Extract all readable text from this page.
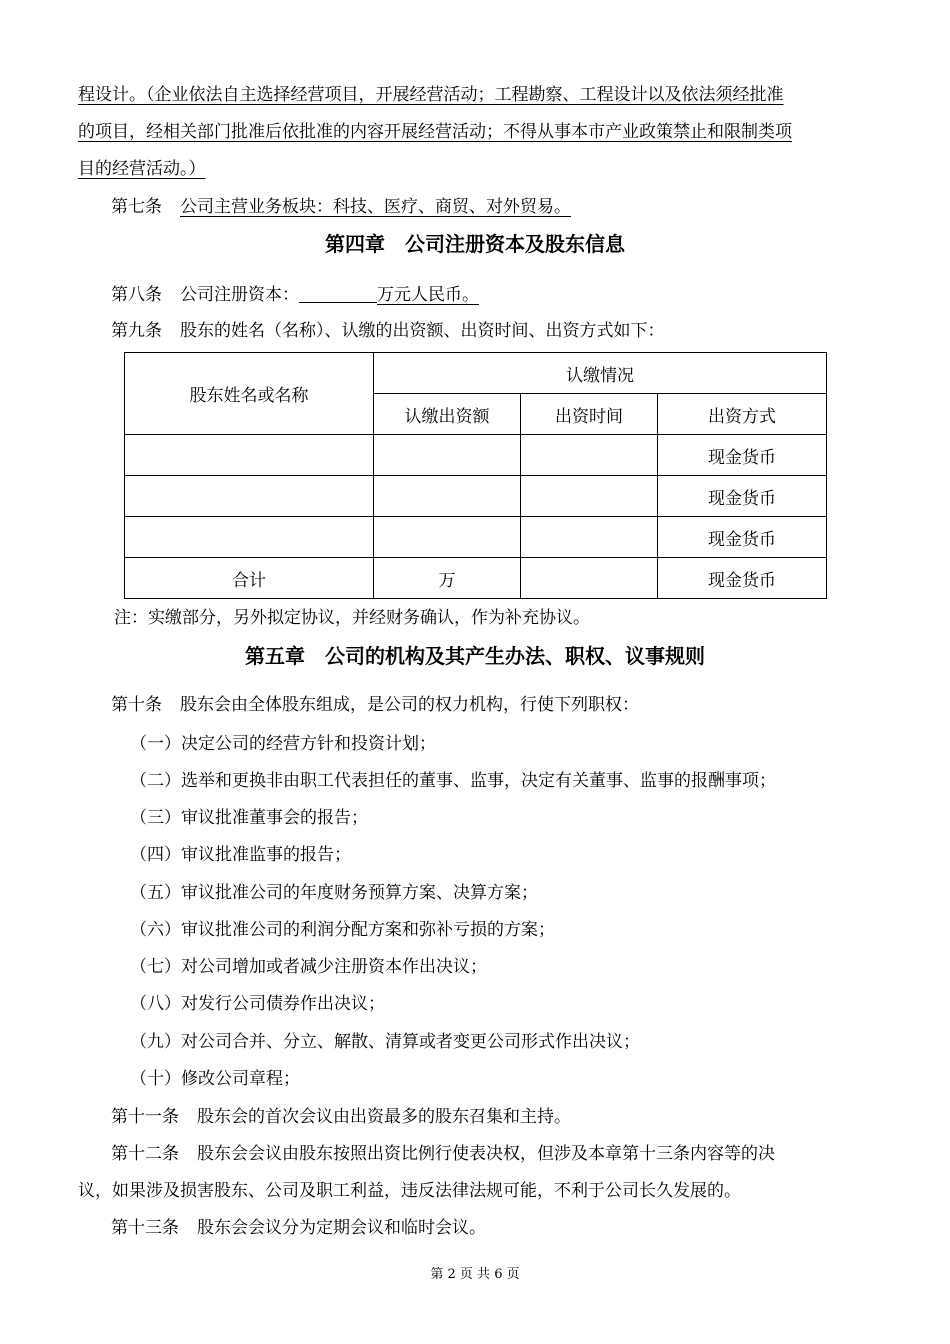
程设计。（企业依法自主选择经营项目，开展经营活动；工程勘察、工程设计以及依法须经批准
的项目，经相关部门批准后依批准的内容开展经营活动；不得从事本市产业政策禁止和限制类项
目的经营活动。）
第七条 公司主营业务板块：科技、医疗、商贸、对外贸易。
第四章　公司注册资本及股东信息
第八条 公司注册资本：	万元人民币。
第九条 股东的姓名（名称）、认缴的出资额、出资时间、出资方式如下：
股东姓名或名称	认缴情况		
	认缴出资额	出资时间	出资方式
			现金货币
			现金货币
			现金货币
合计	万		现金货币
注：实缴部分，另外拟定协议，并经财务确认，作为补充协议。
第五章　公司的机构及其产生办法、职权、议事规则
第十条 股东会由全体股东组成，是公司的权力机构，行使下列职权：
（一）决定公司的经营方针和投资计划；
（二）选举和更换非由职工代表担任的董事、监事，决定有关董事、监事的报酬事项；
（三）审议批准董事会的报告；
（四）审议批准监事的报告；
（五）审议批准公司的年度财务预算方案、决算方案；
（六）审议批准公司的利润分配方案和弥补亏损的方案；
（七）对公司增加或者减少注册资本作出决议；
（八）对发行公司债券作出决议；
（九）对公司合并、分立、解散、清算或者变更公司形式作出决议；
（十）修改公司章程；
第十一条 股东会的首次会议由出资最多的股东召集和主持。
第十二条 股东会会议由股东按照出资比例行使表决权，但涉及本章第十三条内容等的决
议，如果涉及损害股东、公司及职工利益，违反法律法规可能，不利于公司长久发展的。
第十三条 股东会会议分为定期会议和临时会议。
第 2 页 共 6 页
